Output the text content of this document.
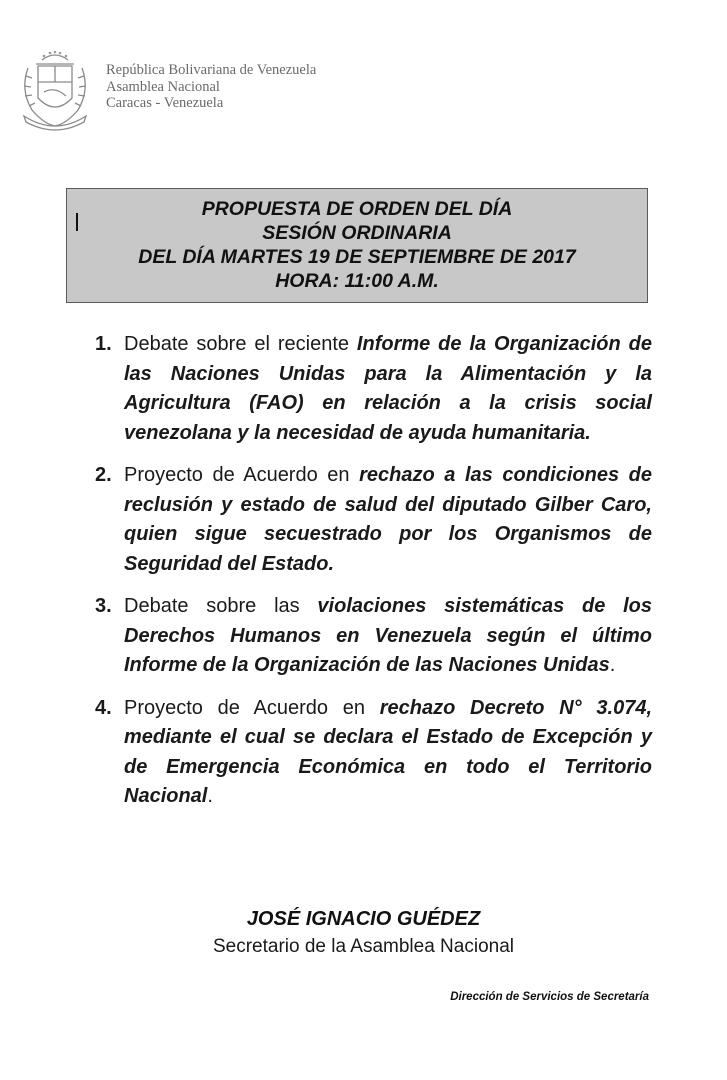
República Bolivariana de Venezuela
Asamblea Nacional
Caracas - Venezuela
PROPUESTA DE ORDEN DEL DÍA
SESIÓN ORDINARIA
DEL DÍA MARTES 19 DE SEPTIEMBRE DE 2017
HORA: 11:00 A.M.
1. Debate sobre el reciente Informe de la Organización de las Naciones Unidas para la Alimentación y la Agricultura (FAO) en relación a la crisis social venezolana y la necesidad de ayuda humanitaria.
2. Proyecto de Acuerdo en rechazo a las condiciones de reclusión y estado de salud del diputado Gilber Caro, quien sigue secuestrado por los Organismos de Seguridad del Estado.
3. Debate sobre las violaciones sistemáticas de los Derechos Humanos en Venezuela según el último Informe de la Organización de las Naciones Unidas.
4. Proyecto de Acuerdo en rechazo Decreto N° 3.074, mediante el cual se declara el Estado de Excepción y de Emergencia Económica en todo el Territorio Nacional.
JOSÉ IGNACIO GUÉDEZ
Secretario de la Asamblea Nacional
Dirección de Servicios de Secretaría
